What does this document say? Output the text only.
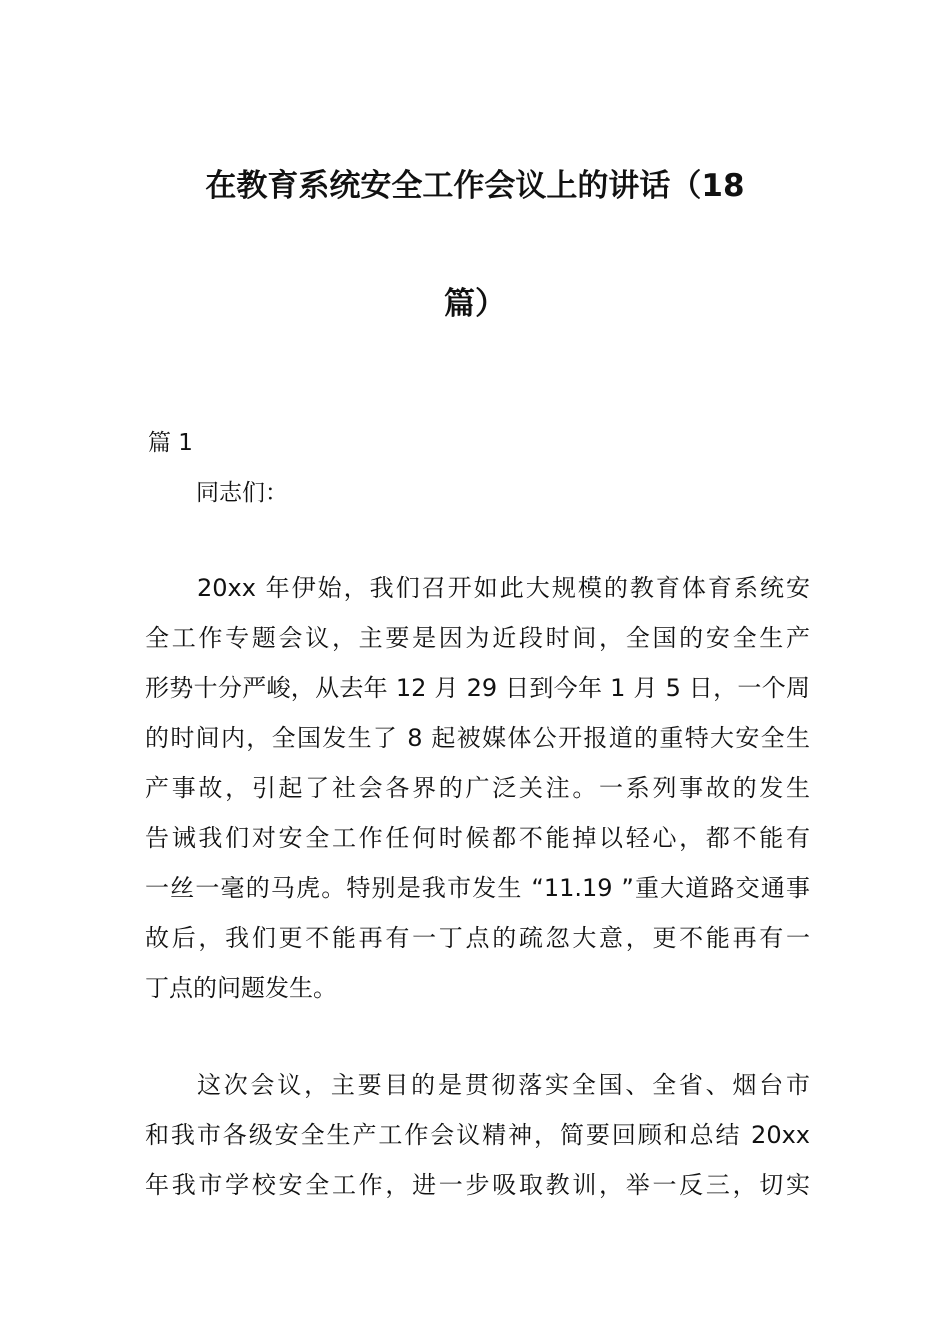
在教育系统安全工作会议上的讲话（18
篇）
篇 1
同志们：
20xx 年伊始，我们召开如此大规模的教育体育系统安
全工作专题会议，主要是因为近段时间，全国的安全生产
形势十分严峻，从去年 12 月 29 日到今年 1 月 5 日，一个周
的时间内，全国发生了 8 起被媒体公开报道的重特大安全生
产事故，引起了社会各界的广泛关注。一系列事故的发生
告诫我们对安全工作任何时候都不能掉以轻心，都不能有
一丝一毫的马虎。特别是我市发生 “11.19 ”重大道路交通事
故后，我们更不能再有一丁点的疏忽大意，更不能再有一
丁点的问题发生。
这次会议，主要目的是贯彻落实全国、全省、烟台市
和我市各级安全生产工作会议精神，简要回顾和总结 20xx
年我市学校安全工作，进一步吸取教训，举一反三，切实
